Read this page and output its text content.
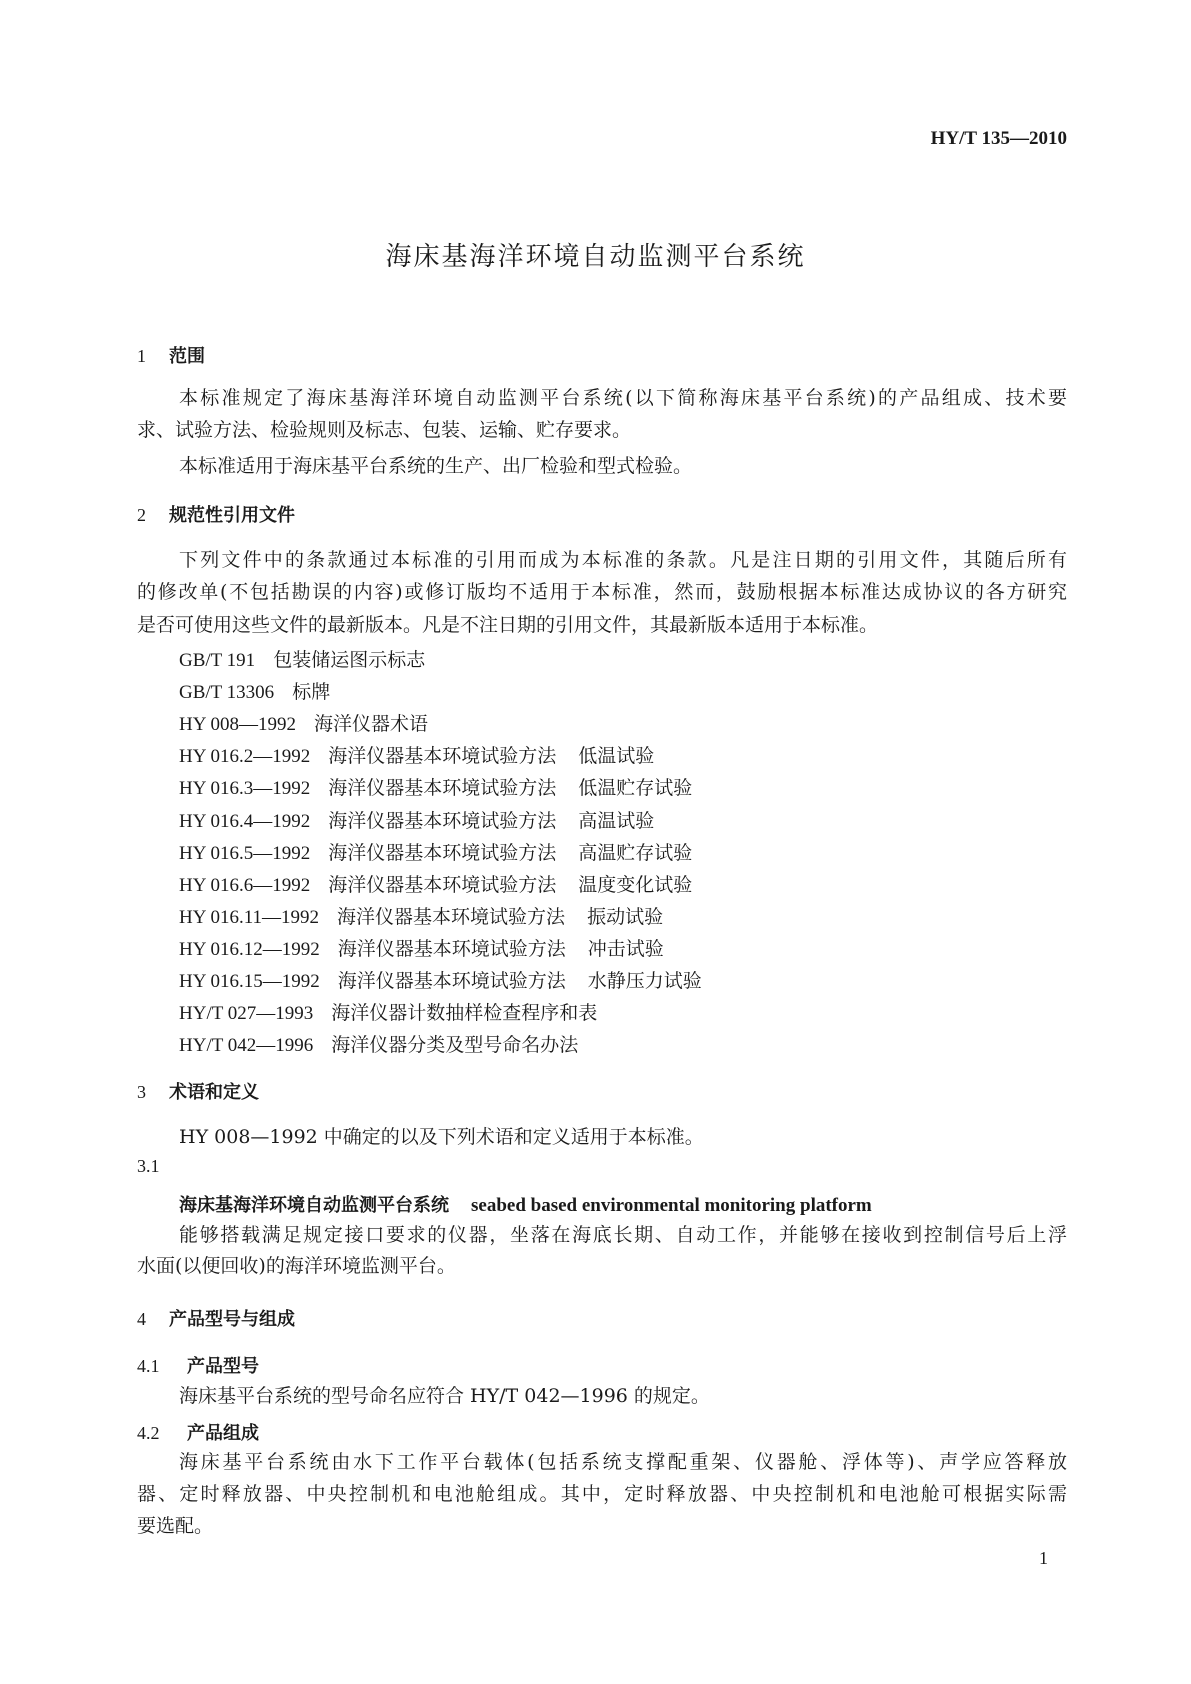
HY/T 135—2010
海床基海洋环境自动监测平台系统
1 范围
本标准规定了海床基海洋环境自动监测平台系统(以下简称海床基平台系统)的产品组成、技术要
求、试验方法、检验规则及标志、包装、运输、贮存要求。
本标准适用于海床基平台系统的生产、出厂检验和型式检验。
2 规范性引用文件
下列文件中的条款通过本标准的引用而成为本标准的条款。凡是注日期的引用文件，其随后所有
的修改单(不包括勘误的内容)或修订版均不适用于本标准，然而，鼓励根据本标准达成协议的各方研究
是否可使用这些文件的最新版本。凡是不注日期的引用文件，其最新版本适用于本标准。
GB/T 191 包装储运图示标志
GB/T 13306 标牌
HY 008—1992 海洋仪器术语
HY 016.2—1992 海洋仪器基本环境试验方法 低温试验
HY 016.3—1992 海洋仪器基本环境试验方法 低温贮存试验
HY 016.4—1992 海洋仪器基本环境试验方法 高温试验
HY 016.5—1992 海洋仪器基本环境试验方法 高温贮存试验
HY 016.6—1992 海洋仪器基本环境试验方法 温度变化试验
HY 016.11—1992 海洋仪器基本环境试验方法 振动试验
HY 016.12—1992 海洋仪器基本环境试验方法 冲击试验
HY 016.15—1992 海洋仪器基本环境试验方法 水静压力试验
HY/T 027—1993 海洋仪器计数抽样检查程序和表
HY/T 042—1996 海洋仪器分类及型号命名办法
3 术语和定义
HY 008—1992 中确定的以及下列术语和定义适用于本标准。
3.1
海床基海洋环境自动监测平台系统 seabed based environmental monitoring platform
能够搭载满足规定接口要求的仪器，坐落在海底长期、自动工作，并能够在接收到控制信号后上浮
水面(以便回收)的海洋环境监测平台。
4 产品型号与组成
4.1 产品型号
海床基平台系统的型号命名应符合 HY/T 042—1996 的规定。
4.2 产品组成
海床基平台系统由水下工作平台载体(包括系统支撑配重架、仪器舱、浮体等)、声学应答释放
器、定时释放器、中央控制机和电池舱组成。其中，定时释放器、中央控制机和电池舱可根据实际需
要选配。
1
